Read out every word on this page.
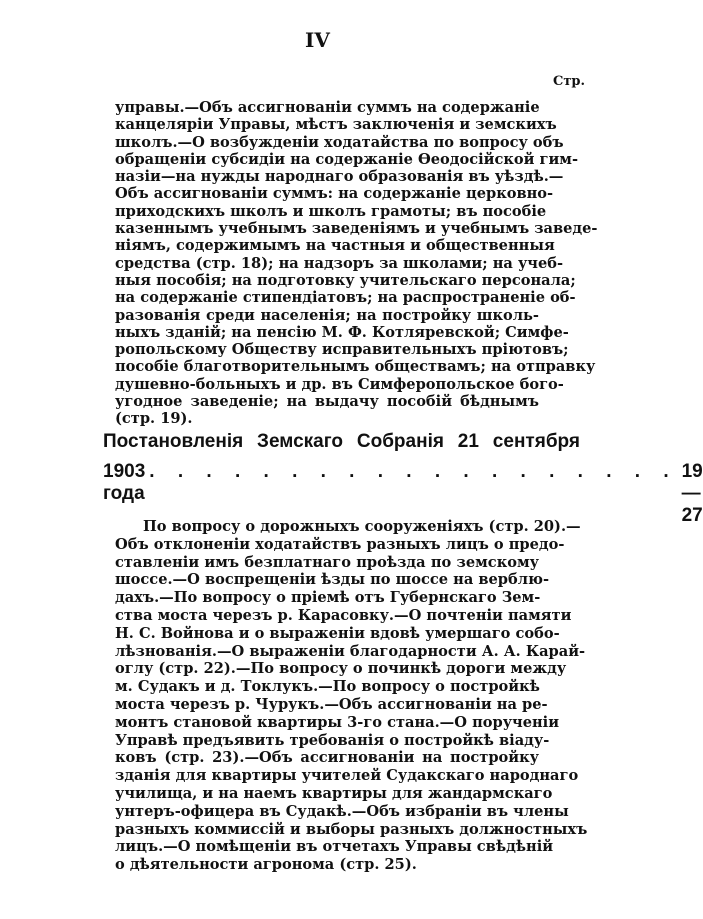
IV
Стр.
управы.—Объ ассигнованіи суммъ на содержаніе
канцеляріи Управы, мѣстъ заключенія и земскихъ
школъ.—О возбужденіи ходатайства по вопросу объ
обращеніи субсидіи на содержаніе Ѳеодосійской гим-
назіи—на нужды народнаго образованія въ уѣздѣ.—
Объ ассигнованіи суммъ: на содержаніе церковно-
приходскихъ школъ и школъ грамоты; въ пособіе
казеннымъ учебнымъ заведеніямъ и учебнымъ заведе-
ніямъ, содержимымъ на частныя и общественныя
средства (стр. 18); на надзоръ за школами; на учеб-
ныя пособія; на подготовку учительскаго персонала;
на содержаніе стипендіатовъ; на распространеніе об-
разованія среди населенія; на постройку школь-
ныхъ зданій; на пенсію М. Ф. Котляревской; Симфе-
ропольскому Обществу исправительныхъ пріютовъ;
пособіе благотворительнымъ обществамъ; на отправку
душевно-больныхъ и др. въ Симферопольское бого-
угодное заведеніе; на выдачу пособій бѣднымъ
(стр. 19).
Постановленія Земскаго Собранія 21 сентября
1903 года
. . . . . . . . . . . . . . . . . . . 19—27
По вопросу о дорожныхъ сооруженіяхъ (стр. 20).—
Объ отклоненіи ходатайствъ разныхъ лицъ о предо-
ставленіи имъ безплатнаго проѣзда по земскому
шоссе.—О воспрещеніи ѣзды по шоссе на верблю-
дахъ.—По вопросу о пріемѣ отъ Губернскаго Зем-
ства моста черезъ р. Карасовку.—О почтеніи памяти
Н. С. Войнова и о выраженіи вдовѣ умершаго собо-
лѣзнованія.—О выраженіи благодарности А. А. Карай-
оглу (стр. 22).—По вопросу о починкѣ дороги между
м. Судакъ и д. Токлукъ.—По вопросу о постройкѣ
моста черезъ р. Чурукъ.—Объ ассигнованіи на ре-
монтъ становой квартиры 3-го стана.—О порученіи
Управѣ предъявить требованія о постройкѣ віаду-
ковъ (стр. 23).—Объ ассигнованіи на постройку
зданія для квартиры учителей Судакскаго народнаго
училища, и на наемъ квартиры для жандармскаго
унтеръ-офицера въ Судакѣ.—Объ избраніи въ члены
разныхъ коммиссій и выборы разныхъ должностныхъ
лицъ.—О помѣщеніи въ отчетахъ Управы свѣдѣній
о дѣятельности агронома (стр. 25).
